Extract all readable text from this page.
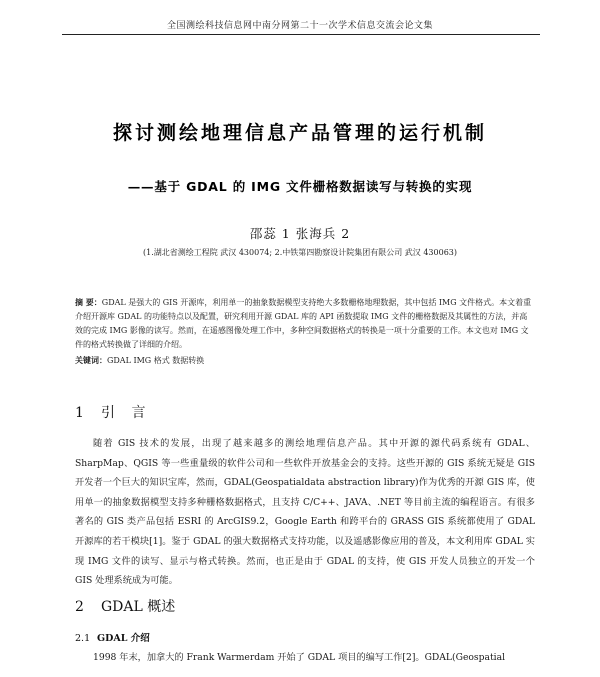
全国测绘科技信息网中南分网第二十一次学术信息交流会论文集
探讨测绘地理信息产品管理的运行机制
——基于 GDAL 的 IMG 文件栅格数据读写与转换的实现
邵蕊 1 张海兵 2
(1.湖北省测绘工程院 武汉 430074; 2.中铁第四勘察设计院集团有限公司 武汉 430063)
摘 要：GDAL 是强大的 GIS 开源库，利用单一的抽象数据模型支持绝大多数栅格地理数据，其中包括 IMG 文件格式。本文着重介绍开源库 GDAL 的功能特点以及配置，研究利用开源 GDAL 库的 API 函数提取 IMG 文件的栅格数据及其属性的方法，并高效的完成 IMG 影像的读写。然而，在遥感图像处理工作中，多种空间数据格式的转换是一项十分重要的工作。本文也对 IMG 文件的格式转换做了详细的介绍。
关键词：GDAL IMG 格式 数据转换
1 引 言
随着 GIS 技术的发展，出现了越来越多的测绘地理信息产品。其中开源的源代码系统有 GDAL、SharpMap、QGIS 等一些重量级的软件公司和一些软件开放基金会的支持。这些开源的 GIS 系统无疑是 GIS 开发者一个巨大的知识宝库，然而，GDAL(Geospatialdata abstraction library)作为优秀的开源 GIS 库，使用单一的抽象数据模型支持多种栅格数据格式，且支持 C/C++、JAVA、.NET 等目前主流的编程语言。有很多著名的 GIS 类产品包括 ESRI 的 ArcGIS9.2，Google Earth 和跨平台的 GRASS GIS 系统都使用了 GDAL 开源库的若干模块[1]。鉴于 GDAL 的强大数据格式支持功能，以及遥感影像应用的普及，本文利用库 GDAL 实现 IMG 文件的读写、显示与格式转换。然而，也正是由于 GDAL 的支持，使 GIS 开发人员独立的开发一个 GIS 处理系统成为可能。
2 GDAL 概述
2.1 GDAL 介绍
1998 年末，加拿大的 Frank Warmerdam 开始了 GDAL 项目的编写工作[2]。GDAL(Geospatial
